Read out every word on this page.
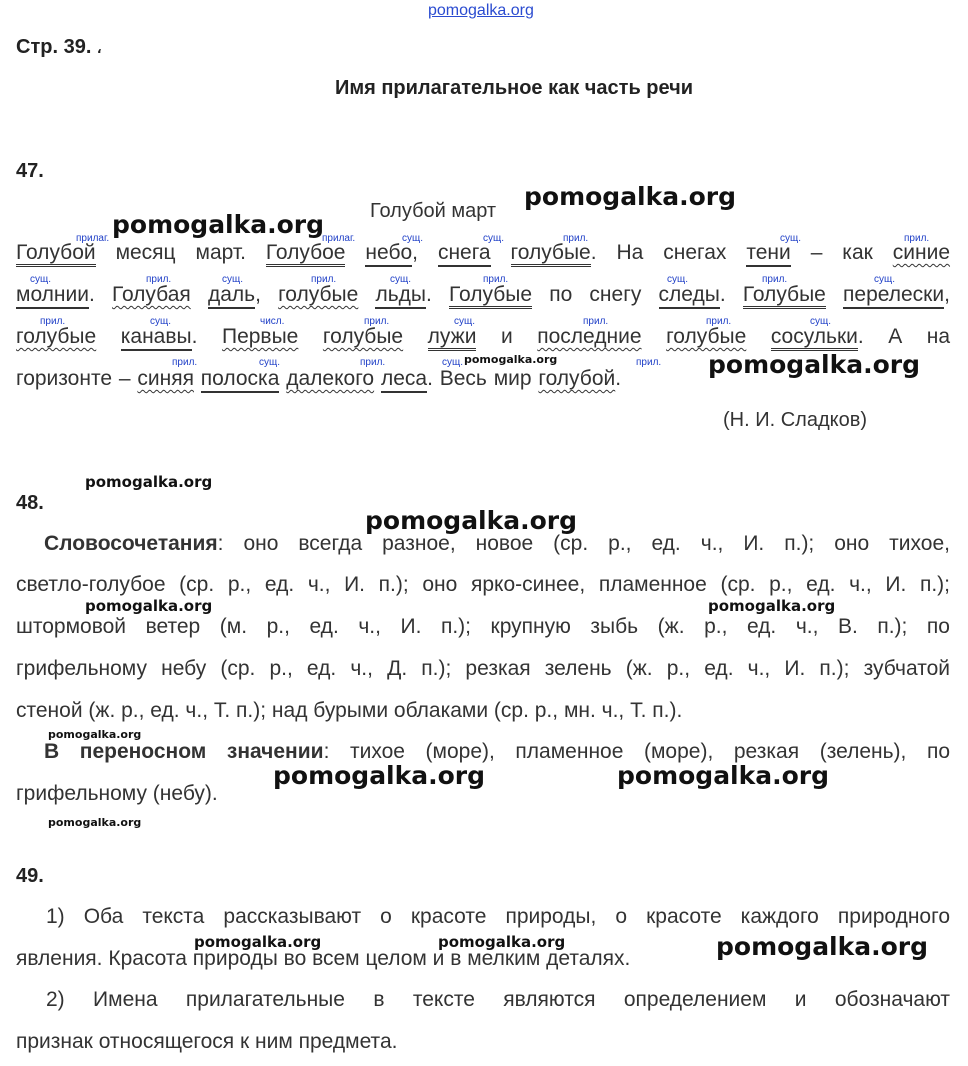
pomogalka.org
Стр. 39. ،
Имя прилагательное как часть речи
47.
Голубой март
Голубой месяц март. Голубое небо, снега голубые. На снегах тени – как синие
прилаг.	прилаг.	сущ.	сущ.	прил.	сущ.	прил.
молнии. Голубая даль, голубые льды. Голубые по снегу следы. Голубые перелески,
сущ.	прил.	сущ.	прил.	сущ.	прил.	сущ.	прил.	сущ.
голубые канавы. Первые голубые лужи и последние голубые сосульки. А на
прил.	сущ.	числ.	прил.	сущ.	прил.	прил.	сущ.
горизонте – синяя полоска далекого леса. Весь мир голубой.
прил.	сущ.	прил.	сущ.	прил.
(Н. И. Сладков)
48.
Словосочетания: оно всегда разное, новое (ср. р., ед. ч., И. п.); оно тихое,
светло-голубое (ср. р., ед. ч., И. п.); оно ярко-синее, пламенное (ср. р., ед. ч., И. п.);
штормовой ветер (м. р., ед. ч., И. п.); крупную зыбь (ж. р., ед. ч., В. п.); по
грифельному небу (ср. р., ед. ч., Д. п.); резкая зелень (ж. р., ед. ч., И. п.); зубчатой
стеной (ж. р., ед. ч., Т. п.); над бурыми облаками (ср. р., мн. ч., Т. п.).
В переносном значении: тихое (море), пламенное (море), резкая (зелень), по
грифельному (небу).
49.
1) Оба текста рассказывают о красоте природы, о красоте каждого природного
явления. Красота природы во всем целом и в мелким деталях.
2) Имена прилагательные в тексте являются определением и обозначают
признак относящегося к ним предмета.
pomogalka.org
pomogalka.org
pomogalka.org	pomogalka.org
pomogalka.org
pomogalka.org
pomogalka.org	pomogalka.org
pomogalka.org
pomogalka.org	pomogalka.org
pomogalka.org
pomogalka.org	pomogalka.org	pomogalka.org
